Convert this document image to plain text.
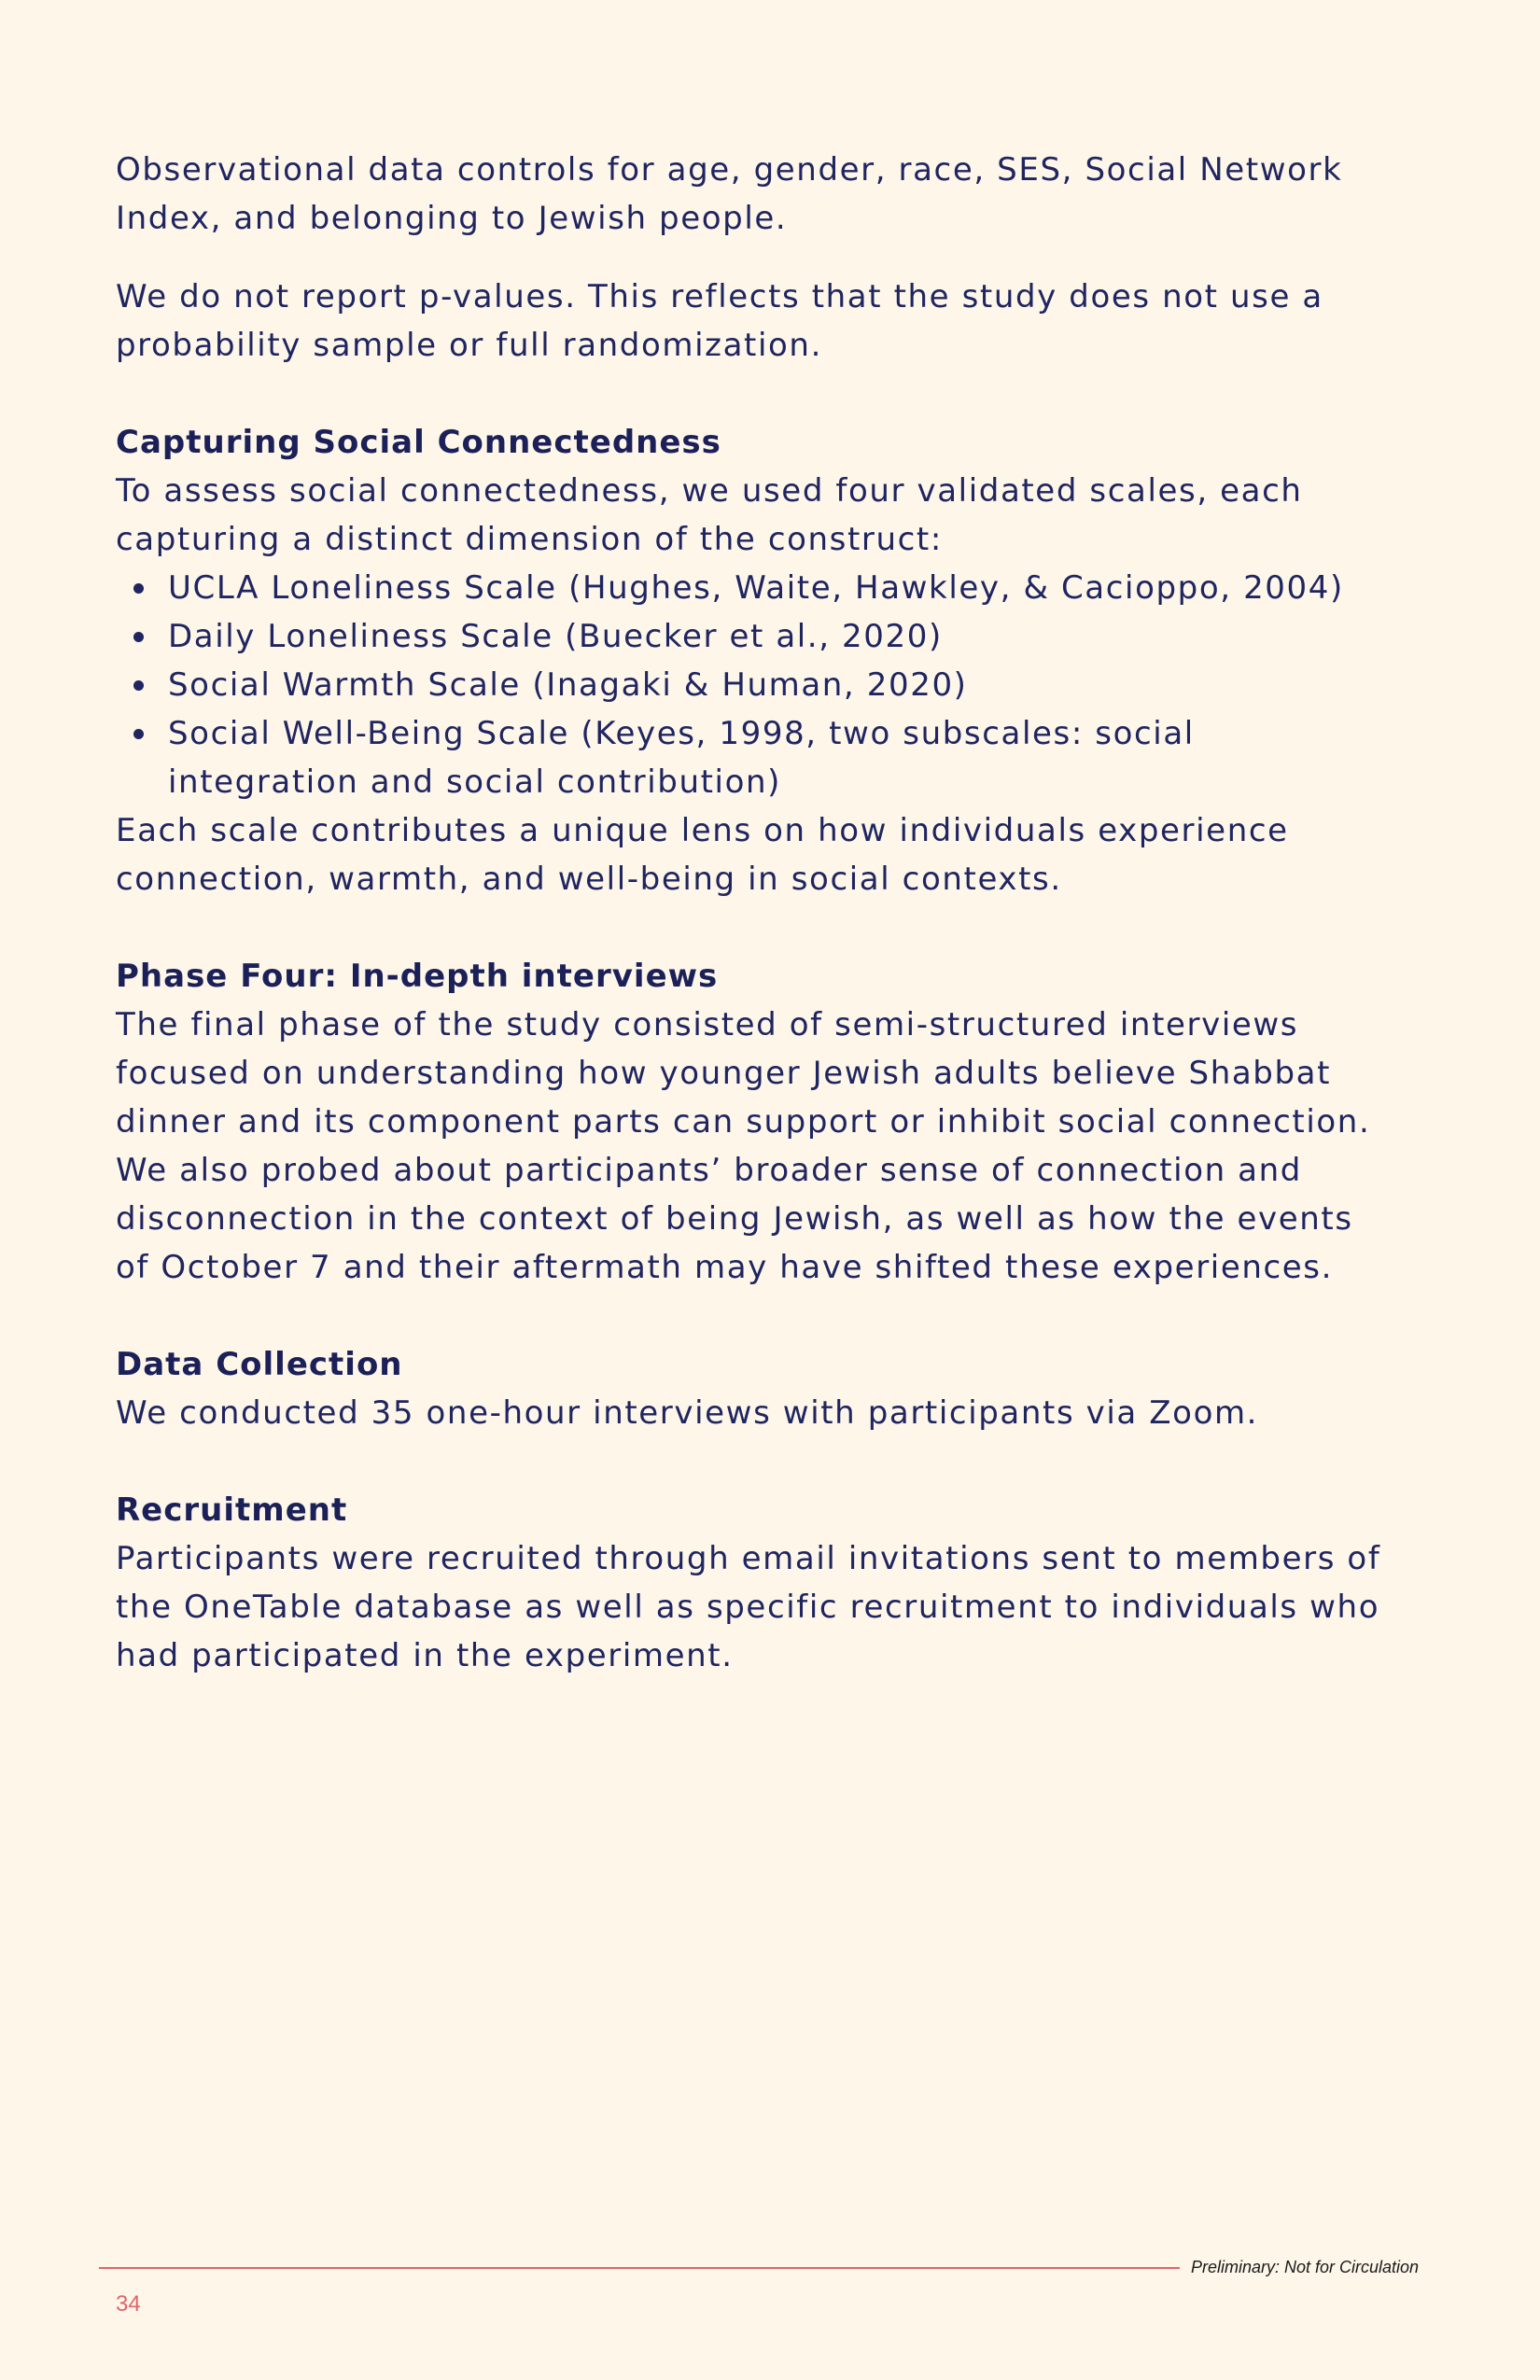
Observational data controls for age, gender, race, SES, Social Network Index, and belonging to Jewish people.

We do not report p-values. This reflects that the study does not use a probability sample or full randomization.

Capturing Social Connectedness

To assess social connectedness, we used four validated scales, each capturing a distinct dimension of the construct:

UCLA Loneliness Scale (Hughes, Waite, Hawkley, & Cacioppo, 2004)
Daily Loneliness Scale (Buecker et al., 2020)
Social Warmth Scale (Inagaki & Human, 2020)
Social Well-Being Scale (Keyes, 1998, two subscales: social integration and social contribution)

Each scale contributes a unique lens on how individuals experience connection, warmth, and well-being in social contexts.

Phase Four: In-depth interviews

The final phase of the study consisted of semi-structured interviews focused on understanding how younger Jewish adults believe Shabbat dinner and its component parts can support or inhibit social connection. We also probed about participants’ broader sense of connection and disconnection in the context of being Jewish, as well as how the events of October 7 and their aftermath may have shifted these experiences.

Data Collection

We conducted 35 one-hour interviews with participants via Zoom.

Recruitment

Participants were recruited through email invitations sent to members of the OneTable database as well as specific recruitment to individuals who had participated in the experiment.

Preliminary: Not for Circulation
34
